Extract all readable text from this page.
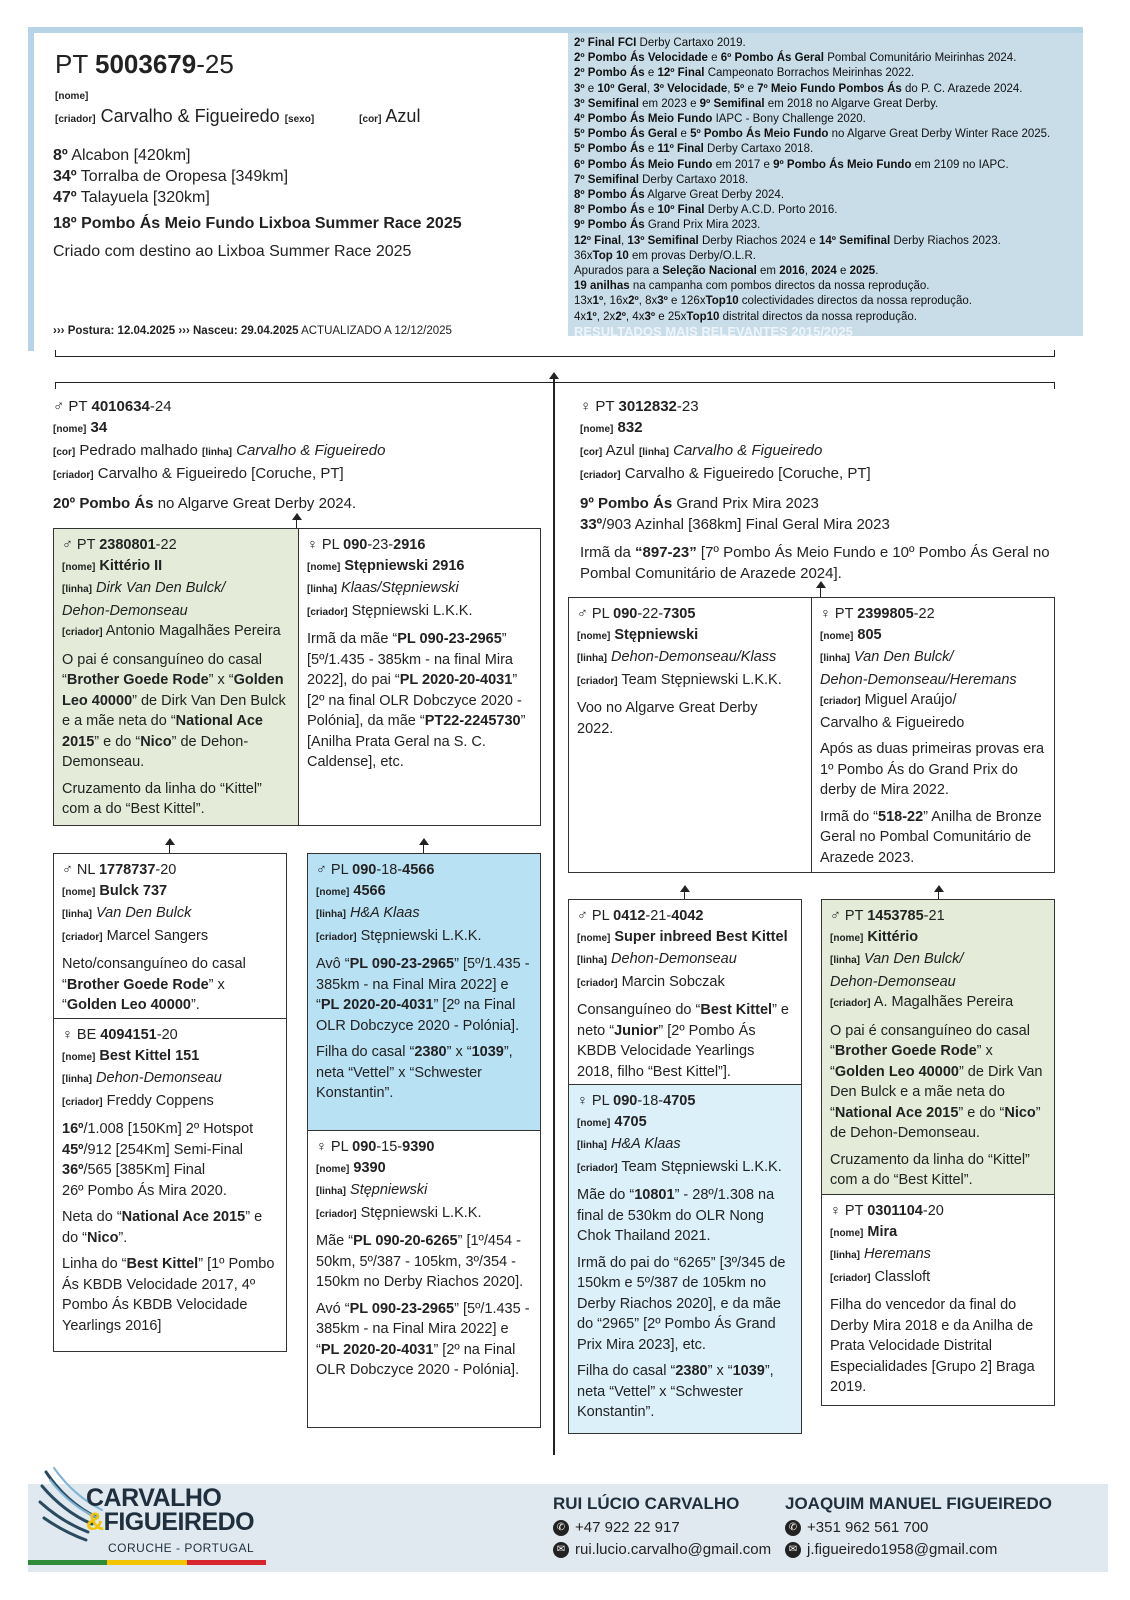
PT 5003679-25
[nome]
[criador] Carvalho & Figueiredo [sexo]	[cor] Azul
8º Alcabon [420km]
34º Torralba de Oropesa [349km]
47º Talayuela [320km]
18º Pombo Ás Meio Fundo Lixboa Summer Race 2025
Criado com destino ao Lixboa Summer Race 2025
››› Postura: 12.04.2025 ››› Nasceu: 29.04.2025 ACTUALIZADO A 12/12/2025
2º Final FCI Derby Cartaxo 2019.
2º Pombo Ás Velocidade e 6º Pombo Ás Geral Pombal Comunitário Meirinhas 2024.
2º Pombo Ás e 12º Final Campeonato Borrachos Meirinhas 2022.
3º e 10º Geral, 3º Velocidade, 5º e 7º Meio Fundo Pombos Ás do P. C. Arazede 2024.
3º Semifinal em 2023 e 9º Semifinal em 2018 no Algarve Great Derby.
4º Pombo Ás Meio Fundo IAPC - Bony Challenge 2020.
5º Pombo Ás Geral e 5º Pombo Ás Meio Fundo no Algarve Great Derby Winter Race 2025.
5º Pombo Ás e 11º Final Derby Cartaxo 2018.
6º Pombo Ás Meio Fundo em 2017 e 9º Pombo Ás Meio Fundo em 2109 no IAPC.
7º Semifinal Derby Cartaxo 2018.
8º Pombo Ás Algarve Great Derby 2024.
8º Pombo Ás e 10º Final Derby A.C.D. Porto 2016.
9º Pombo Ás Grand Prix Mira 2023.
12º Final, 13º Semifinal Derby Riachos 2024 e 14º Semifinal Derby Riachos 2023.
36xTop 10 em provas Derby/O.L.R.
Apurados para a Seleção Nacional em 2016, 2024 e 2025.
19 anilhas na campanha com pombos directos da nossa reprodução.
13x1º, 16x2º, 8x3º e 126xTop10 colectividades directos da nossa reprodução.
4x1º, 2x2º, 4x3º e 25xTop10 distrital directos da nossa reprodução.
RESULTADOS MAIS RELEVANTES 2015/2025
♂ PT 4010634-24
[nome] 34
[cor] Pedrado malhado [linha] Carvalho & Figueiredo
[criador] Carvalho & Figueiredo [Coruche, PT]
20º Pombo Ás no Algarve Great Derby 2024.
♀ PT 3012832-23
[nome] 832
[cor] Azul [linha] Carvalho & Figueiredo
[criador] Carvalho & Figueiredo [Coruche, PT]
9º Pombo Ás Grand Prix Mira 2023
33º/903 Azinhal [368km] Final Geral Mira 2023
Irmã da “897-23” [7º Pombo Ás Meio Fundo e 10º Pombo Ás Geral no
Pombal Comunitário de Arazede 2024].
♂ PT 2380801-22
[nome] Kittério II
[linha] Dirk Van Den Bulck/
Dehon-Demonseau
[criador] Antonio Magalhães Pereira

O pai é consanguíneo do casal “Brother Goede Rode” x “Golden Leo 40000” de Dirk Van Den Bulck e a mãe neta do “National Ace 2015” e do “Nico” de Dehon-Demonseau.

Cruzamento da linha do “Kittel” com a do “Best Kittel”.

♀ PL 090-23-2916
[nome] Stępniewski 2916
[linha] Klaas/Stępniewski
[criador] Stępniewski L.K.K.

Irmã da mãe “PL 090-23-2965” [5º/1.435 - 385km - na final Mira 2022], do pai “PL 2020-20-4031” [2º na final OLR Dobczyce 2020 - Polónia], da mãe “PT22-2245730” [Anilha Prata Geral na S. C. Caldense], etc.

♂ NL 1778737-20
[nome] Bulck 737
[linha] Van Den Bulck
[criador] Marcel Sangers

Neto/consanguíneo do casal “Brother Goede Rode” x “Golden Leo 40000”.

♀ BE 4094151-20
[nome] Best Kittel 151
[linha] Dehon-Demonseau
[criador] Freddy Coppens

16º/1.008 [150Km] 2º Hotspot
45º/912 [254Km] Semi-Final
36º/565 [385Km] Final
26º Pombo Ás Mira 2020.

Neta do “National Ace 2015” e do “Nico”.

Linha do “Best Kittel” [1º Pombo Ás KBDB Velocidade 2017, 4º Pombo Ás KBDB Velocidade Yearlings 2016]

♂ PL 090-18-4566
[nome] 4566
[linha] H&A Klaas
[criador] Stępniewski L.K.K.

Avô “PL 090-23-2965” [5º/1.435 - 385km - na Final Mira 2022] e “PL 2020-20-4031” [2º na Final OLR Dobczyce 2020 - Polónia].

Filha do casal “2380” x “1039”, neta “Vettel” x “Schwester Konstantin”.

♀ PL 090-15-9390
[nome] 9390
[linha] Stępniewski
[criador] Stępniewski L.K.K.

Mãe “PL 090-20-6265” [1º/454 - 50km, 5º/387 - 105km, 3º/354 - 150km no Derby Riachos 2020].

Avó “PL 090-23-2965” [5º/1.435 - 385km - na Final Mira 2022] e “PL 2020-20-4031” [2º na Final OLR Dobczyce 2020 - Polónia].

♂ PL 090-22-7305
[nome] Stępniewski
[linha] Dehon-Demonseau/Klass
[criador] Team Stępniewski L.K.K.

Voo no Algarve Great Derby
2022.

♀ PT 2399805-22
[nome] 805
[linha] Van Den Bulck/
Dehon-Demonseau/Heremans
[criador] Miguel Araújo/
Carvalho & Figueiredo

Após as duas primeiras provas era 1º Pombo Ás do Grand Prix do derby de Mira 2022.

Irmã do “518-22” Anilha de Bronze Geral no Pombal Comunitário de Arazede 2023.

♂ PL 0412-21-4042
[nome] Super inbreed Best Kittel
[linha] Dehon-Demonseau
[criador] Marcin Sobczak

Consanguíneo do “Best Kittel” e neto “Junior” [2º Pombo Ás KBDB Velocidade Yearlings 2018, filho “Best Kittel”].

♀ PL 090-18-4705
[nome] 4705
[linha] H&A Klaas
[criador] Team Stępniewski L.K.K.

Mãe do “10801” - 28º/1.308 na final de 530km do OLR Nong Chok Thailand 2021.

Irmã do pai do “6265” [3º/345 de 150km e 5º/387 de 105km no Derby Riachos 2020], e da mãe do “2965” [2º Pombo Ás Grand Prix Mira 2023], etc.

Filha do casal “2380” x “1039”, neta “Vettel” x “Schwester Konstantin”.

♂ PT 1453785-21
[nome] Kittério
[linha] Van Den Bulck/
Dehon-Demonseau
[criador] A. Magalhães Pereira

O pai é consanguíneo do casal “Brother Goede Rode” x “Golden Leo 40000” de Dirk Van Den Bulck e a mãe neta do “National Ace 2015” e do “Nico” de Dehon-Demonseau.

Cruzamento da linha do “Kittel” com a do “Best Kittel”.

♀ PT 0301104-20
[nome] Mira
[linha] Heremans
[criador] Classloft

Filha do vencedor da final do Derby Mira 2018 e da Anilha de Prata Velocidade Distrital Especialidades [Grupo 2] Braga 2019.

CARVALHO
&FIGUEIREDO
CORUCHE - PORTUGAL
RUI LÚCIO CARVALHO
✆ +47 922 22 917
✉ rui.lucio.carvalho@gmail.com
JOAQUIM MANUEL FIGUEIREDO
✆ +351 962 561 700
✉ j.figueiredo1958@gmail.com
